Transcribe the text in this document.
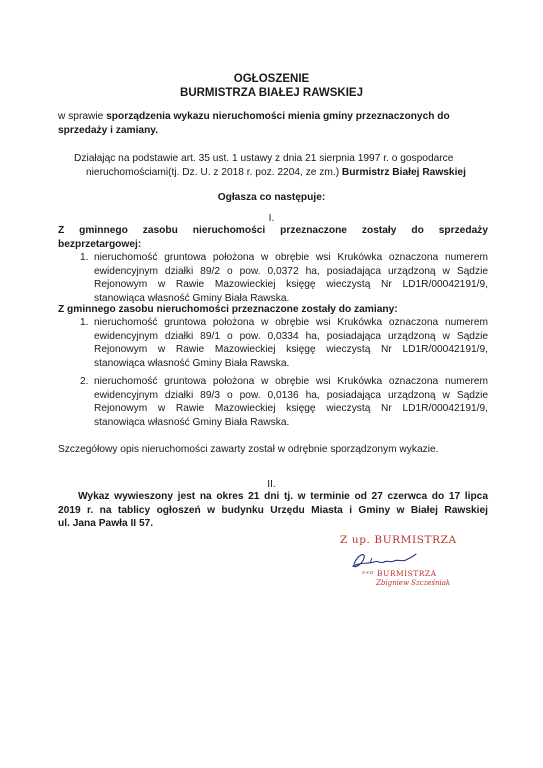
OGŁOSZENIE
BURMISTRZA BIAŁEJ RAWSKIEJ
w sprawie sporządzenia wykazu nieruchomości mienia gminy przeznaczonych do
sprzedaży i zamiany.
Działając na podstawie art. 35 ust. 1 ustawy z dnia 21 sierpnia 1997 r. o gospodarce
nieruchomościami(tj. Dz. U. z 2018 r. poz. 2204, ze zm.) Burmistrz Białej Rawskiej
Ogłasza co następuje:
I.
Z gminnego zasobu nieruchomości przeznaczone zostały do sprzedaży
bezprzetargowej:
1. nieruchomość gruntowa położona w obrębie wsi Krukówka oznaczona numerem
ewidencyjnym działki 89/2 o pow. 0,0372 ha, posiadająca urządzoną w Sądzie
Rejonowym w Rawie Mazowieckiej księgę wieczystą Nr LD1R/00042191/9,
stanowiąca własność Gminy Biała Rawska.
Z gminnego zasobu nieruchomości przeznaczone zostały do zamiany:
1. nieruchomość gruntowa położona w obrębie wsi Krukówka oznaczona numerem
ewidencyjnym działki 89/1 o pow. 0,0334 ha, posiadająca urządzoną w Sądzie
Rejonowym w Rawie Mazowieckiej księgę wieczystą Nr LD1R/00042191/9,
stanowiąca własność Gminy Biała Rawska.
2. nieruchomość gruntowa położona w obrębie wsi Krukówka oznaczona numerem
ewidencyjnym działki 89/3 o pow. 0,0136 ha, posiadająca urządzoną w Sądzie
Rejonowym w Rawie Mazowieckiej księgę wieczystą Nr LD1R/00042191/9,
stanowiąca własność Gminy Biała Rawska.
Szczegółowy opis nieruchomości zawarty został w odrębnie sporządzonym wykazie.
II.
Wykaz wywieszony jest na okres 21 dni tj. w terminie od 27 czerwca do 17 lipca
2019 r. na tablicy ogłoszeń w budynku Urzędu Miasta i Gminy w Białej Rawskiej
ul. Jana Pawła II 57.
Z up. BURMISTRZA
z-ca BURMISTRZA
Zbigniew Szcześniak
